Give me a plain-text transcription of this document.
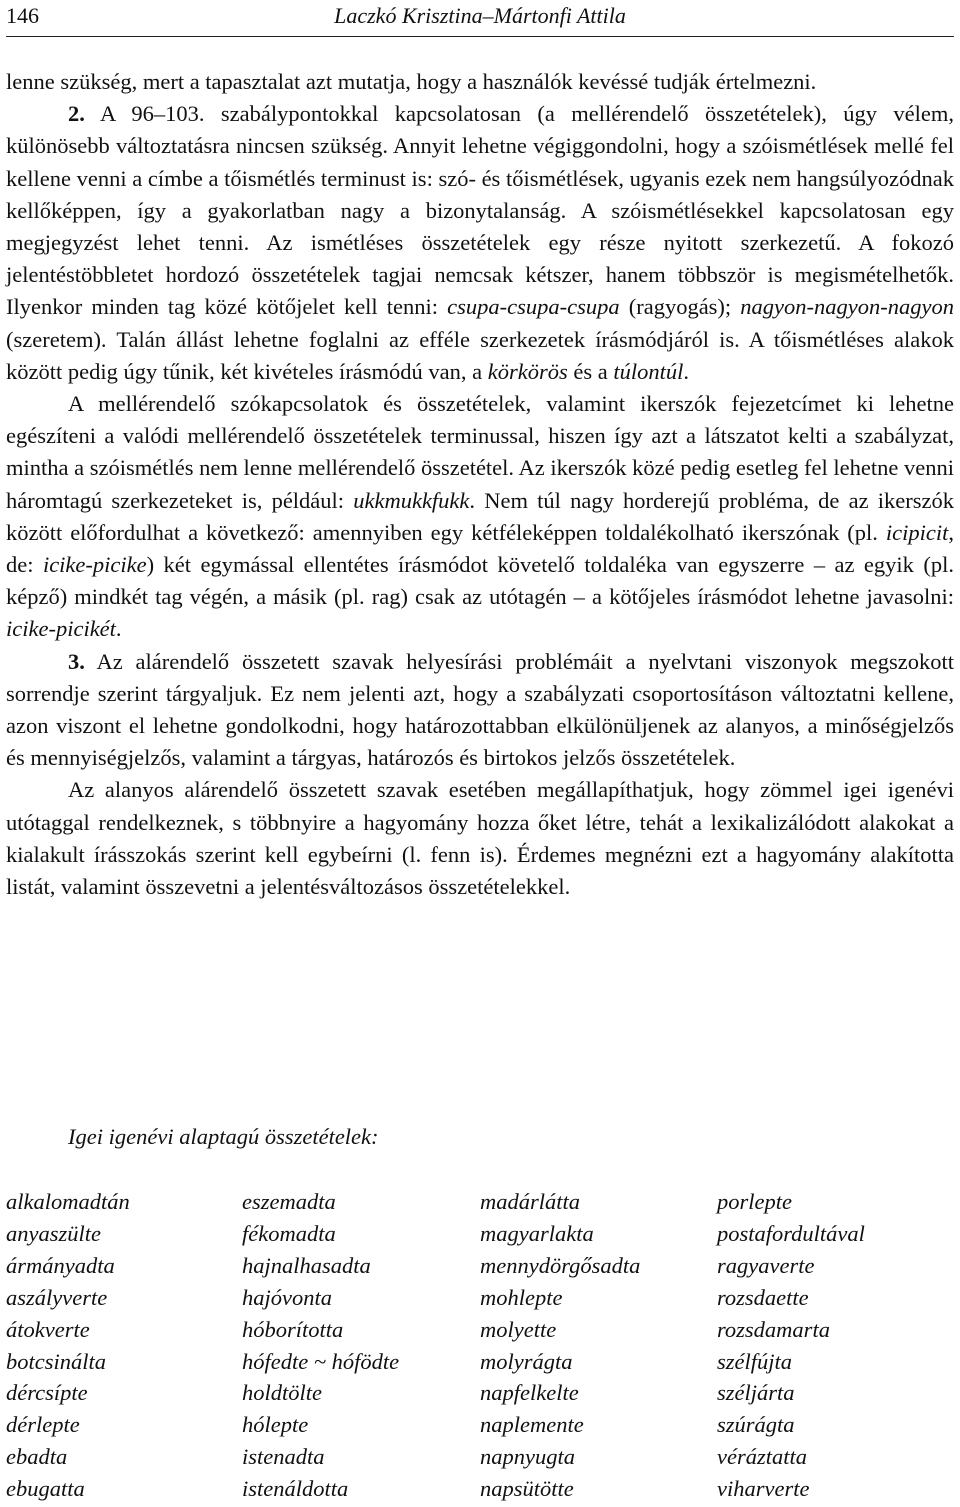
146	Laczkó Krisztina–Mártonfi Attila

lenne szükség, mert a tapasztalat azt mutatja, hogy a használók kevéssé tudják értelmezni.

2. A 96–103. szabálypontokkal kapcsolatosan (a mellérendelő összetételek), úgy vélem, különösebb változtatásra nincsen szükség. Annyit lehetne végiggondolni, hogy a szóismétlések mellé fel kellene venni a címbe a tőismétlés terminust is: szó- és tőismétlések, ugyanis ezek nem hangsúlyozódnak kellőképpen, így a gyakorlatban nagy a bizonytalanság. A szóismétlésekkel kapcsolatosan egy megjegyzést lehet tenni. Az ismétléses összetételek egy része nyitott szerkezetű. A fokozó jelentéstöbbletet hordozó összetételek tagjai nemcsak kétszer, hanem többször is megismételhetők. Ilyenkor minden tag közé kötőjelet kell tenni: csupa-csupa-csupa (ragyogás); nagyon-nagyon-nagyon (szeretem). Talán állást lehetne foglalni az efféle szerkezetek írásmódjáról is. A tőismétléses alakok között pedig úgy tűnik, két kivételes írásmódú van, a körkörös és a túlontúl.

A mellérendelő szókapcsolatok és összetételek, valamint ikerszók fejezetcímet ki lehetne egészíteni a valódi mellérendelő összetételek terminussal, hiszen így azt a látszatot kelti a szabályzat, mintha a szóismétlés nem lenne mellérendelő összetétel. Az ikerszók közé pedig esetleg fel lehetne venni háromtagú szerkezeteket is, például: ukkmukkfukk. Nem túl nagy horderejű probléma, de az ikerszók között előfordulhat a következő: amennyiben egy kétféleképpen toldalékolható ikerszónak (pl. icipicit, de: icike-picike) két egymással ellentétes írásmódot követelő toldaléka van egyszerre – az egyik (pl. képző) mindkét tag végén, a másik (pl. rag) csak az utótagén – a kötőjeles írásmódot lehetne javasolni: icike-picikét.

3. Az alárendelő összetett szavak helyesírási problémáit a nyelvtani viszonyok megszokott sorrendje szerint tárgyaljuk. Ez nem jelenti azt, hogy a szabályzati csoportosításon változtatni kellene, azon viszont el lehetne gondolkodni, hogy határozottabban elkülönüljenek az alanyos, a minőségjelzős és mennyiségjelzős, valamint a tárgyas, határozós és birtokos jelzős összetételek.

Az alanyos alárendelő összetett szavak esetében megállapíthatjuk, hogy zömmel igei igenévi utótaggal rendelkeznek, s többnyire a hagyomány hozza őket létre, tehát a lexikalizálódott alakokat a kialakult írásszokás szerint kell egybeírni (l. fenn is). Érdemes megnézni ezt a hagyomány alakította listát, valamint összevetni a jelentésváltozásos összetételekkel.

Igei igenévi alaptagú összetételek:
alkalomadtán
anyaszülte
ármányadta
aszályverte
átokverte
botcsinálta
dércsípte
dérlepte
ebadta
ebugatta
eszemadta
fékomadta
hajnalhasadta
hajóvonta
hóborította
hófedte ~ hófödte
holdtölte
hólepte
istenadta
istenáldotta
madárlátta
magyarlakta
mennydörgősadta
mohlepte
molyette
molyrágta
napfelkelte
naplemente
napnyugta
napsütötte
porlepte
postafordultával
ragyaverte
rozsdaette
rozsdamarta
szélfújta
széljárta
szúrágta
véráztatta
viharverte
